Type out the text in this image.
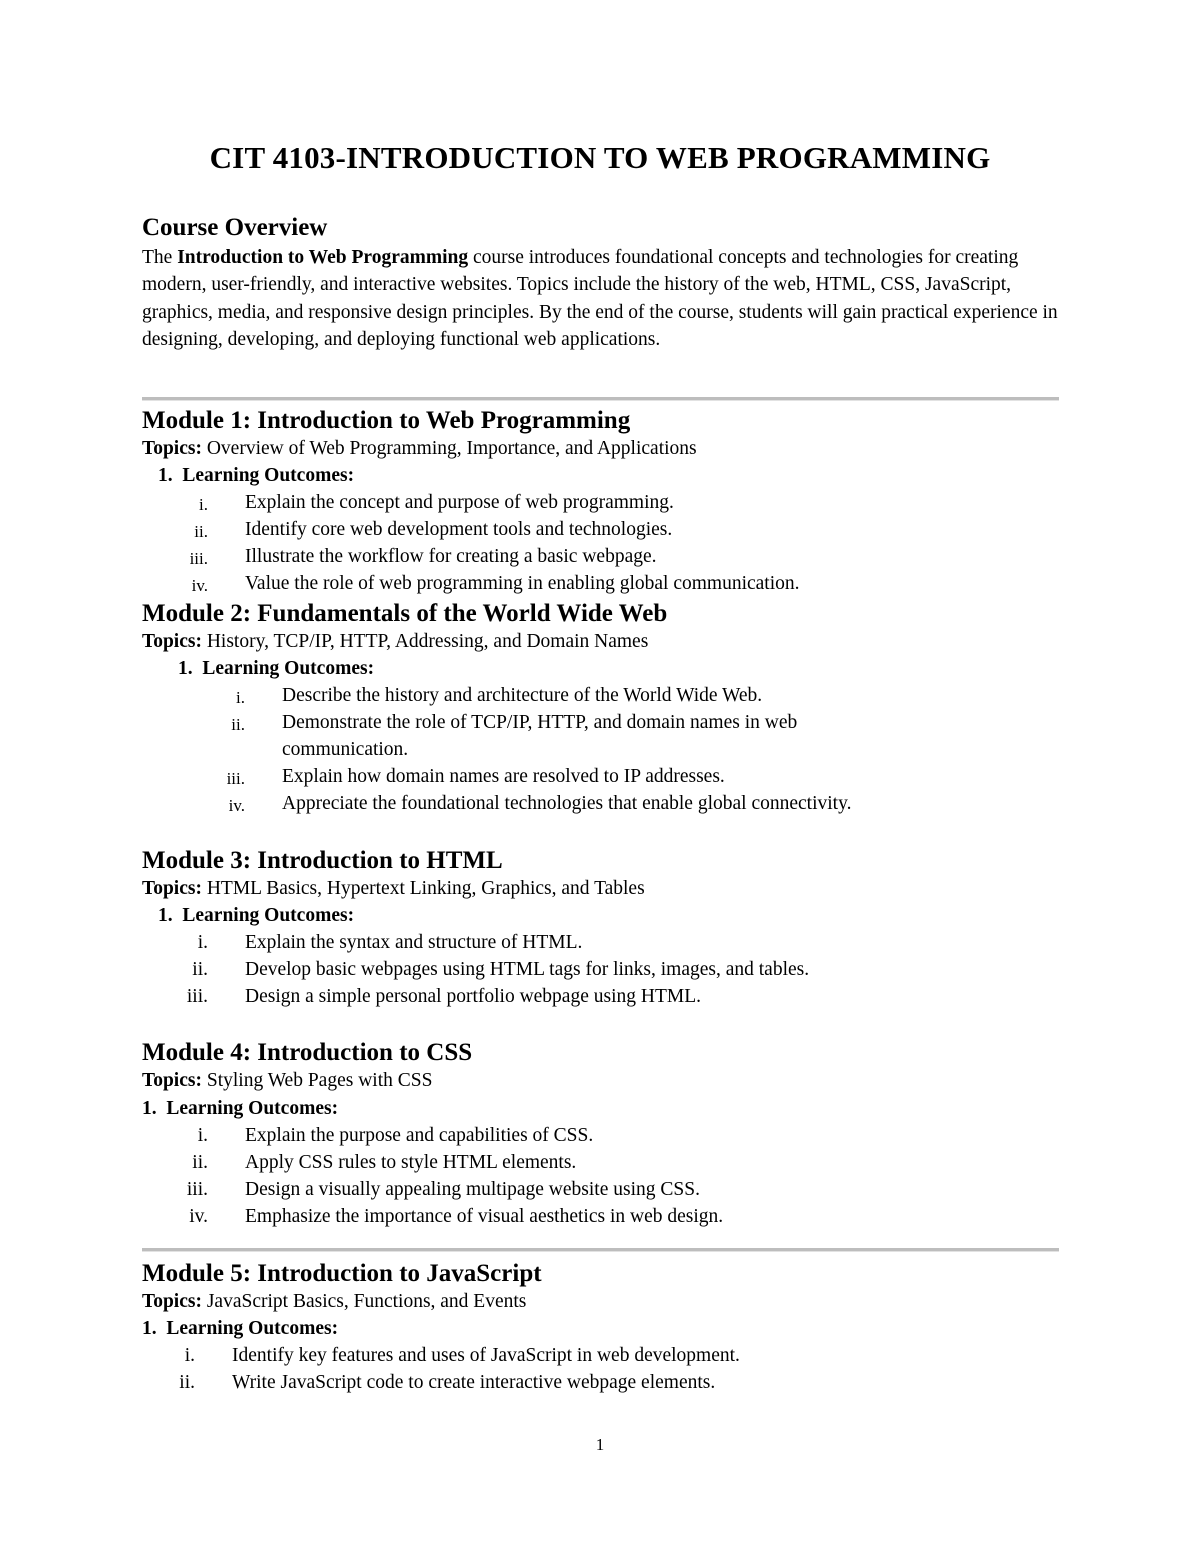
CIT 4103-INTRODUCTION TO WEB PROGRAMMING
Course Overview

The Introduction to Web Programming course introduces foundational concepts and technologies for creating modern, user-friendly, and interactive websites. Topics include the history of the web, HTML, CSS, JavaScript, graphics, media, and responsive design principles. By the end of the course, students will gain practical experience in designing, developing, and deploying functional web applications.

Module 1: Introduction to Web Programming
Topics: Overview of Web Programming, Importance, and Applications
1. Learning Outcomes:
i. Explain the concept and purpose of web programming.
ii. Identify core web development tools and technologies.
iii. Illustrate the workflow for creating a basic webpage.
iv. Value the role of web programming in enabling global communication.
Module 2: Fundamentals of the World Wide Web
Topics: History, TCP/IP, HTTP, Addressing, and Domain Names
1. Learning Outcomes:
i. Describe the history and architecture of the World Wide Web.
ii. Demonstrate the role of TCP/IP, HTTP, and domain names in web
communication.
iii. Explain how domain names are resolved to IP addresses.
iv. Appreciate the foundational technologies that enable global connectivity.
Module 3: Introduction to HTML
Topics: HTML Basics, Hypertext Linking, Graphics, and Tables
1. Learning Outcomes:
i. Explain the syntax and structure of HTML.
ii. Develop basic webpages using HTML tags for links, images, and tables.
iii. Design a simple personal portfolio webpage using HTML.
Module 4: Introduction to CSS
Topics: Styling Web Pages with CSS
1. Learning Outcomes:
i. Explain the purpose and capabilities of CSS.
ii. Apply CSS rules to style HTML elements.
iii. Design a visually appealing multipage website using CSS.
iv. Emphasize the importance of visual aesthetics in web design.
Module 5: Introduction to JavaScript
Topics: JavaScript Basics, Functions, and Events
1. Learning Outcomes:
i. Identify key features and uses of JavaScript in web development.
ii. Write JavaScript code to create interactive webpage elements.
1
